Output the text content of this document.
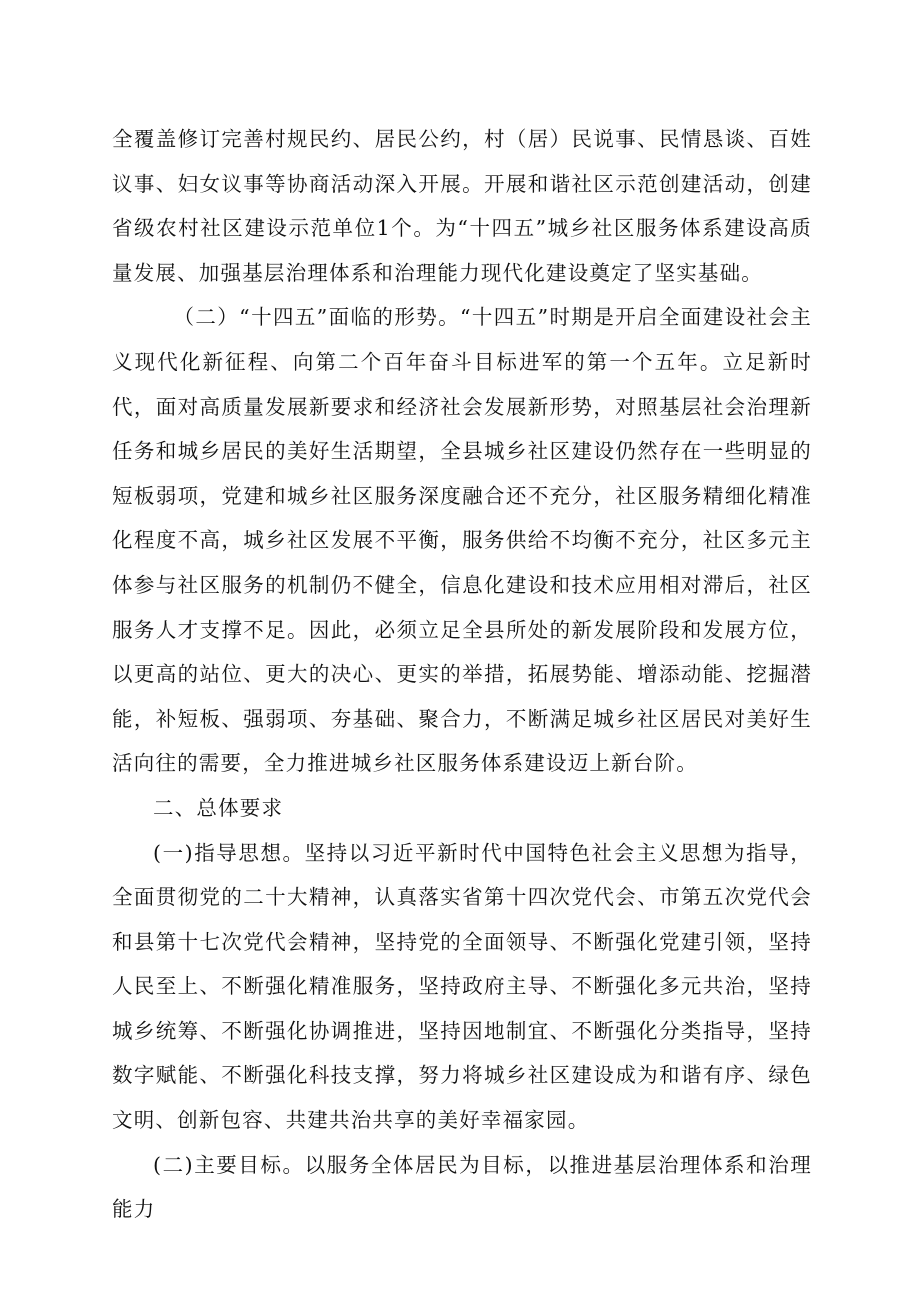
全覆盖修订完善村规民约、居民公约，村（居）民说事、民情恳谈、百姓议事、妇女议事等协商活动深入开展。开展和谐社区示范创建活动，创建省级农村社区建设示范单位1个。为“十四五”城乡社区服务体系建设高质量发展、加强基层治理体系和治理能力现代化建设奠定了坚实基础。

（二）“十四五”面临的形势。“十四五”时期是开启全面建设社会主义现代化新征程、向第二个百年奋斗目标进军的第一个五年。立足新时代，面对高质量发展新要求和经济社会发展新形势，对照基层社会治理新任务和城乡居民的美好生活期望，全县城乡社区建设仍然存在一些明显的短板弱项，党建和城乡社区服务深度融合还不充分，社区服务精细化精准化程度不高，城乡社区发展不平衡，服务供给不均衡不充分，社区多元主体参与社区服务的机制仍不健全，信息化建设和技术应用相对滞后，社区服务人才支撑不足。因此，必须立足全县所处的新发展阶段和发展方位，以更高的站位、更大的决心、更实的举措，拓展势能、增添动能、挖掘潜能，补短板、强弱项、夯基础、聚合力，不断满足城乡社区居民对美好生活向往的需要，全力推进城乡社区服务体系建设迈上新台阶。

二、总体要求

(一)指导思想。坚持以习近平新时代中国特色社会主义思想为指导，全面贯彻党的二十大精神，认真落实省第十四次党代会、市第五次党代会和县第十七次党代会精神，坚持党的全面领导、不断强化党建引领，坚持人民至上、不断强化精准服务，坚持政府主导、不断强化多元共治，坚持城乡统筹、不断强化协调推进，坚持因地制宜、不断强化分类指导，坚持数字赋能、不断强化科技支撑，努力将城乡社区建设成为和谐有序、绿色文明、创新包容、共建共治共享的美好幸福家园。

(二)主要目标。以服务全体居民为目标，以推进基层治理体系和治理能力
